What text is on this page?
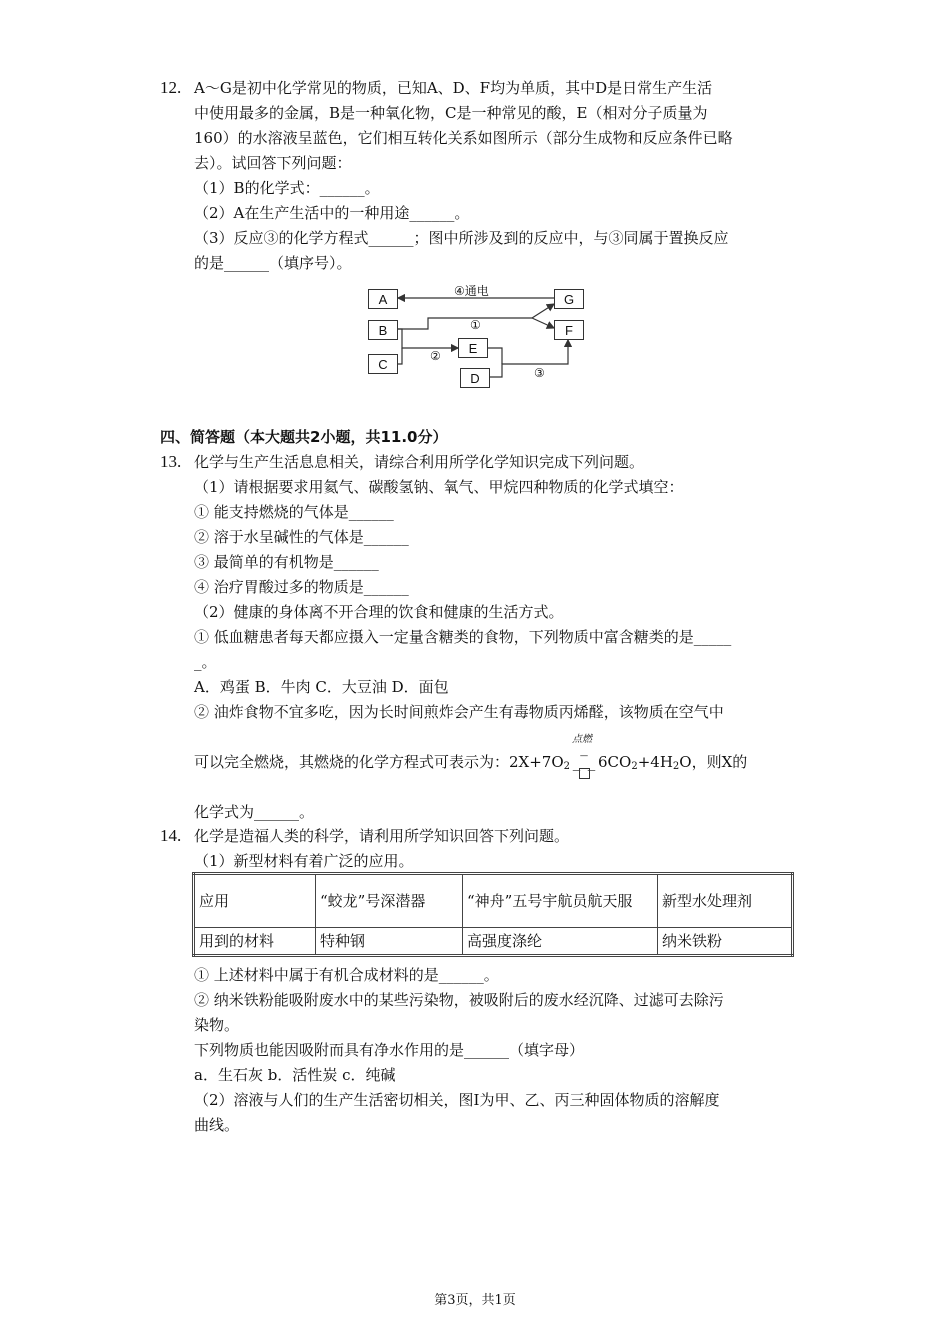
12. A～G是初中化学常见的物质，已知A、D、F均为单质，其中D是日常生产生活
中使用最多的金属，B是一种氧化物，C是一种常见的酸，E（相对分子质量为
160）的水溶液呈蓝色，它们相互转化关系如图所示（部分生成物和反应条件已略
去）。试回答下列问题：
（1）B的化学式：______。
（2）A在生产生活中的一种用途______。
（3）反应③的化学方程式______；图中所涉及到的反应中，与③同属于置换反应
的是______（填序号）。
A
B
C
E
D
G
F
④通电
①
②
③
四、简答题（本大题共2小题，共11.0分）
13. 化学与生产生活息息相关，请综合利用所学化学知识完成下列问题。
（1）请根据要求用氦气、碳酸氢钠、氧气、甲烷四种物质的化学式填空：
① 能支持燃烧的气体是______
② 溶于水呈碱性的气体是______
③ 最简单的有机物是______
④ 治疗胃酸过多的物质是______
（2）健康的身体离不开合理的饮食和健康的生活方式。
① 低血糖患者每天都应摄入一定量含糖类的食物，下列物质中富含糖类的是_____
_。
A．鸡蛋 B．牛肉 C．大豆油 D．面包
② 油炸食物不宜多吃，因为长时间煎炸会产生有毒物质丙烯醛，该物质在空气中
可以完全燃烧，其燃烧的化学方程式可表示为：$2X+7O_2$
点燃
_‾_ $6CO_2+4H_2O$，则X的
化学式为______。
14. 化学是造福人类的科学，请利用所学知识回答下列问题。
（1）新型材料有着广泛的应用。
应用	“蛟龙”号深潜器	“神舟”五号宇航员航天服	新型水处理剂
用到的材料	特种钢	高强度涤纶	纳米铁粉
① 上述材料中属于有机合成材料的是______。
② 纳米铁粉能吸附废水中的某些污染物，被吸附后的废水经沉降、过滤可去除污
染物。
下列物质也能因吸附而具有净水作用的是______（填字母）
a．生石灰 b．活性炭 c．纯碱
（2）溶液与人们的生产生活密切相关，图I为甲、乙、丙三种固体物质的溶解度
曲线。
第3页，共1页
